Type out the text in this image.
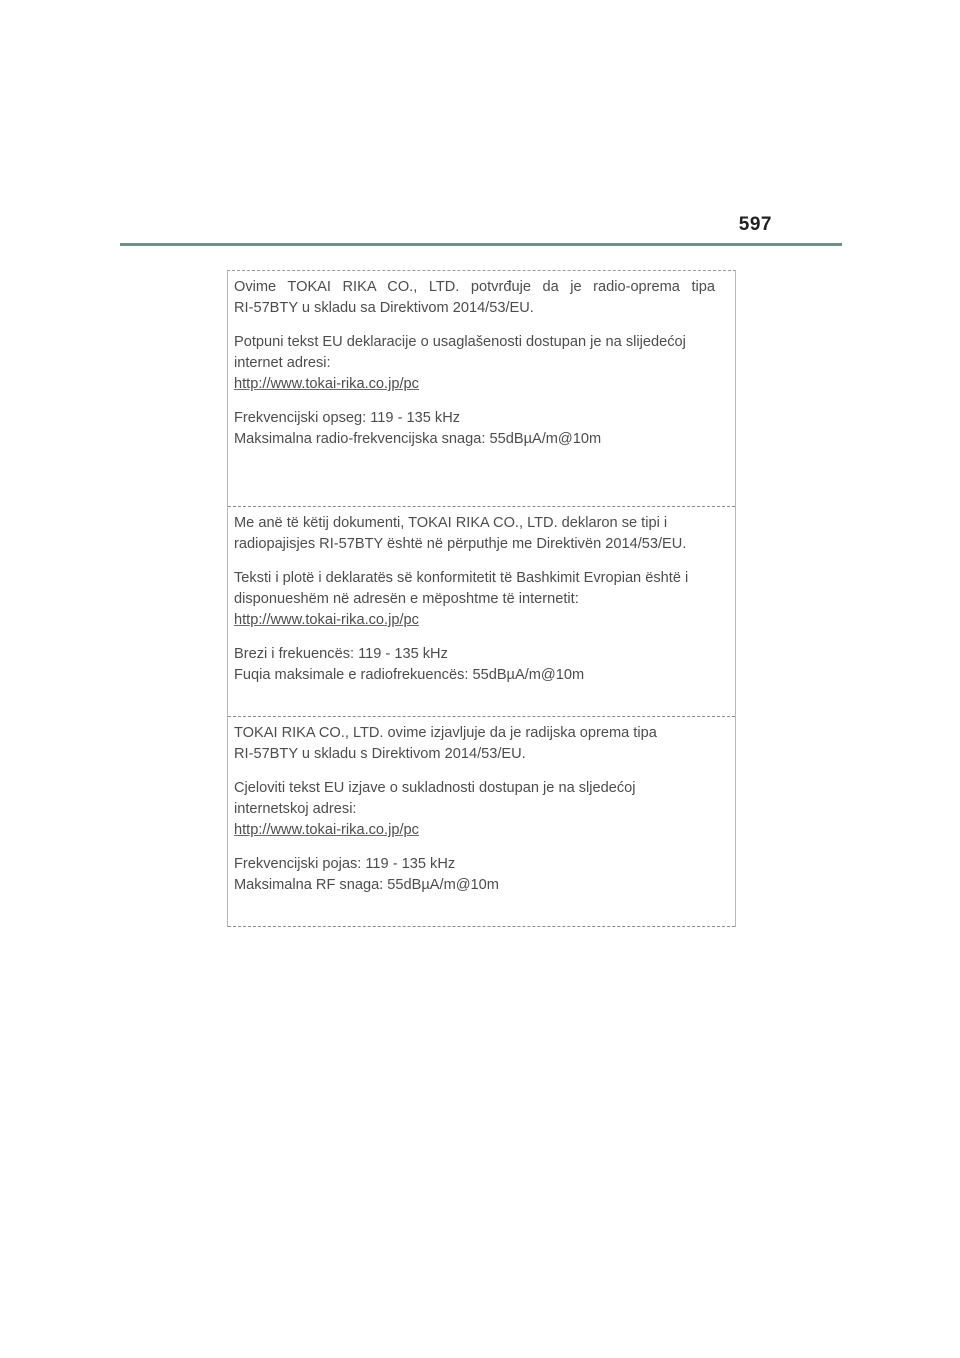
597
Ovime TOKAI RIKA CO., LTD. potvrđuje da je radio-oprema tipa
RI-57BTY u skladu sa Direktivom 2014/53/EU.
Potpuni tekst EU deklaracije o usaglašenosti dostupan je na slijedećoj
internet adresi:
http://www.tokai-rika.co.jp/pc
Frekvencijski opseg: 119 - 135 kHz
Maksimalna radio-frekvencijska snaga: 55dBµA/m@10m
Me anë të këtij dokumenti, TOKAI RIKA CO., LTD. deklaron se tipi i
radiopajisjes RI-57BTY është në përputhje me Direktivën 2014/53/EU.
Teksti i plotë i deklaratës së konformitetit të Bashkimit Evropian është i
disponueshëm në adresën e mëposhtme të internetit:
http://www.tokai-rika.co.jp/pc
Brezi i frekuencës: 119 - 135 kHz
Fuqia maksimale e radiofrekuencës: 55dBµA/m@10m
TOKAI RIKA CO., LTD. ovime izjavljuje da je radijska oprema tipa
RI-57BTY u skladu s Direktivom 2014/53/EU.
Cjeloviti tekst EU izjave o sukladnosti dostupan je na sljedećoj
internetskoj adresi:
http://www.tokai-rika.co.jp/pc
Frekvencijski pojas: 119 - 135 kHz
Maksimalna RF snaga: 55dBµA/m@10m
